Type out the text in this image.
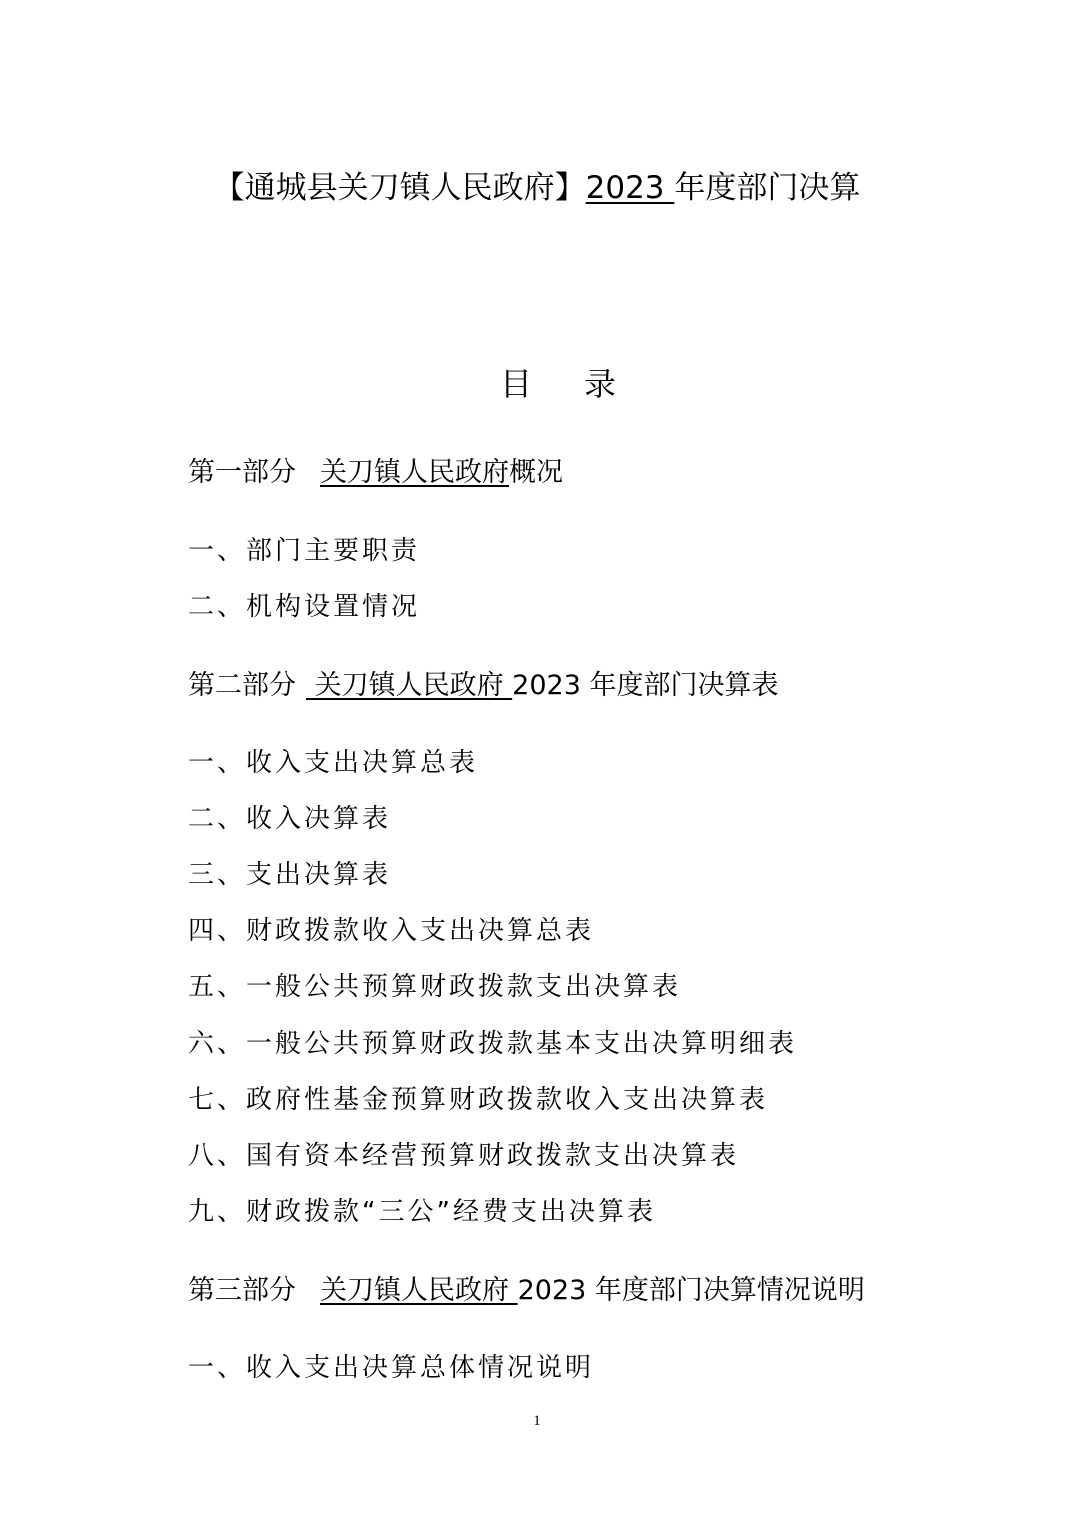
【通城县关刀镇人民政府】2023 年度部门决算
目 录
第一部分 关刀镇人民政府概况
一、部门主要职责
二、机构设置情况
第二部分 关刀镇人民政府 2023 年度部门决算表
一、收入支出决算总表
二、收入决算表
三、支出决算表
四、财政拨款收入支出决算总表
五、一般公共预算财政拨款支出决算表
六、一般公共预算财政拨款基本支出决算明细表
七、政府性基金预算财政拨款收入支出决算表
八、国有资本经营预算财政拨款支出决算表
九、财政拨款“三公”经费支出决算表
第三部分 关刀镇人民政府 2023 年度部门决算情况说明
一、收入支出决算总体情况说明
1
